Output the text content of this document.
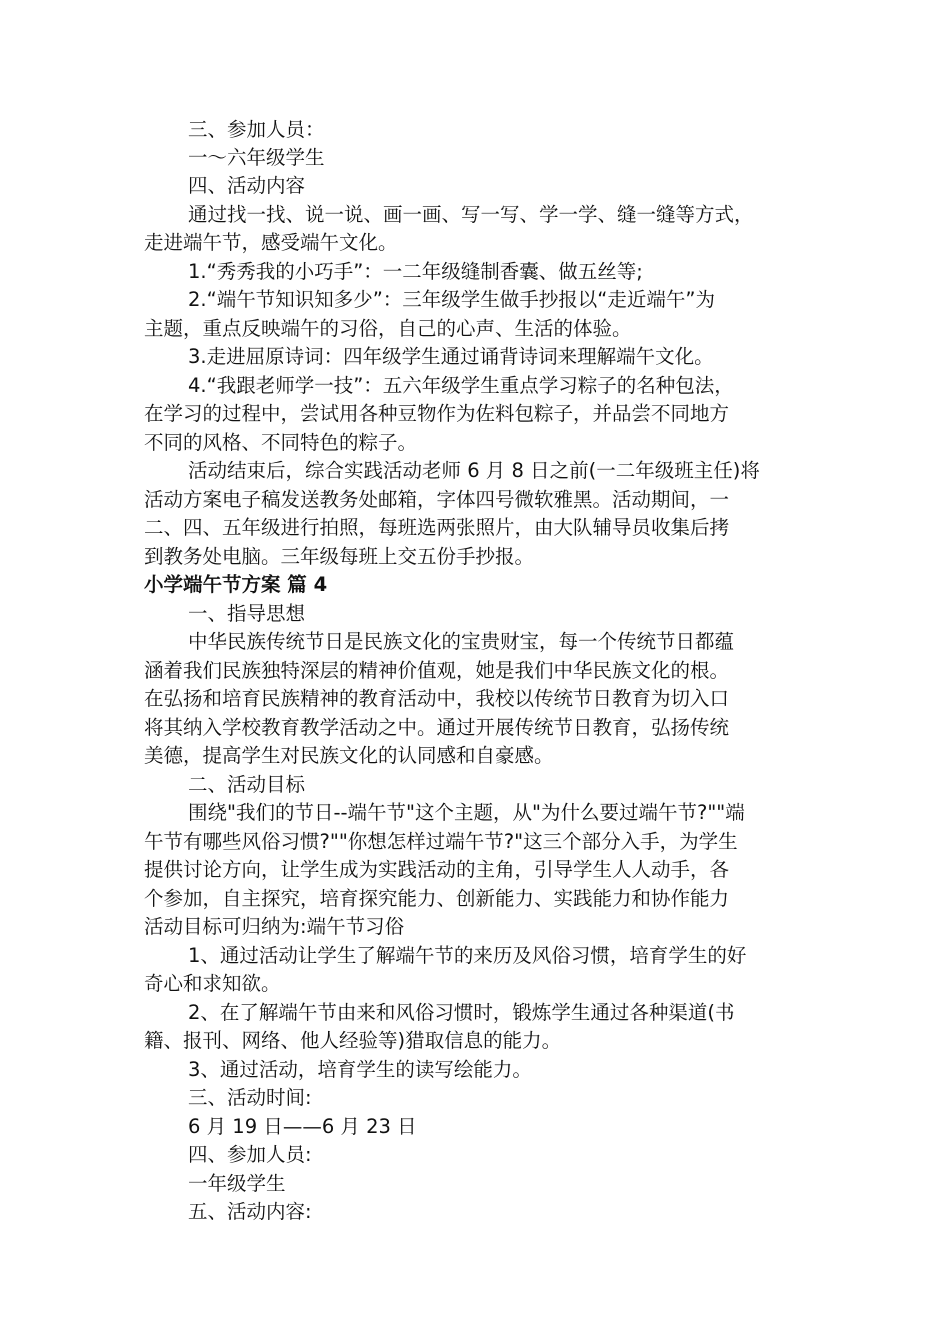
三、参加人员：
一～六年级学生
四、活动内容
通过找一找、说一说、画一画、写一写、学一学、缝一缝等方式，
走进端午节，感受端午文化。
1.“秀秀我的小巧手”：一二年级缝制香囊、做五丝等;
2.“端午节知识知多少”：三年级学生做手抄报以“走近端午”为
主题，重点反映端午的习俗，自己的心声、生活的体验。
3.走进屈原诗词：四年级学生通过诵背诗词来理解端午文化。
4.“我跟老师学一技”：五六年级学生重点学习粽子的名种包法，
在学习的过程中，尝试用各种豆物作为佐料包粽子，并品尝不同地方
不同的风格、不同特色的粽子。
活动结束后，综合实践活动老师 6 月 8 日之前(一二年级班主任)将
活动方案电子稿发送教务处邮箱，字体四号微软雅黑。活动期间，一
二、四、五年级进行拍照，每班选两张照片，由大队辅导员收集后拷
到教务处电脑。三年级每班上交五份手抄报。
小学端午节方案 篇 4
一、指导思想
中华民族传统节日是民族文化的宝贵财宝，每一个传统节日都蕴
涵着我们民族独特深层的精神价值观，她是我们中华民族文化的根。
在弘扬和培育民族精神的教育活动中，我校以传统节日教育为切入口
将其纳入学校教育教学活动之中。通过开展传统节日教育，弘扬传统
美德，提高学生对民族文化的认同感和自豪感。
二、活动目标
围绕"我们的节日--端午节"这个主题，从"为什么要过端午节?""端
午节有哪些风俗习惯?""你想怎样过端午节?"这三个部分入手，为学生
提供讨论方向，让学生成为实践活动的主角，引导学生人人动手，各
个参加，自主探究，培育探究能力、创新能力、实践能力和协作能力
活动目标可归纳为:端午节习俗
1、通过活动让学生了解端午节的来历及风俗习惯，培育学生的好
奇心和求知欲。
2、在了解端午节由来和风俗习惯时，锻炼学生通过各种渠道(书
籍、报刊、网络、他人经验等)猎取信息的能力。
3、通过活动，培育学生的读写绘能力。
三、活动时间:
6 月 19 日——6 月 23 日
四、参加人员:
一年级学生
五、活动内容:
